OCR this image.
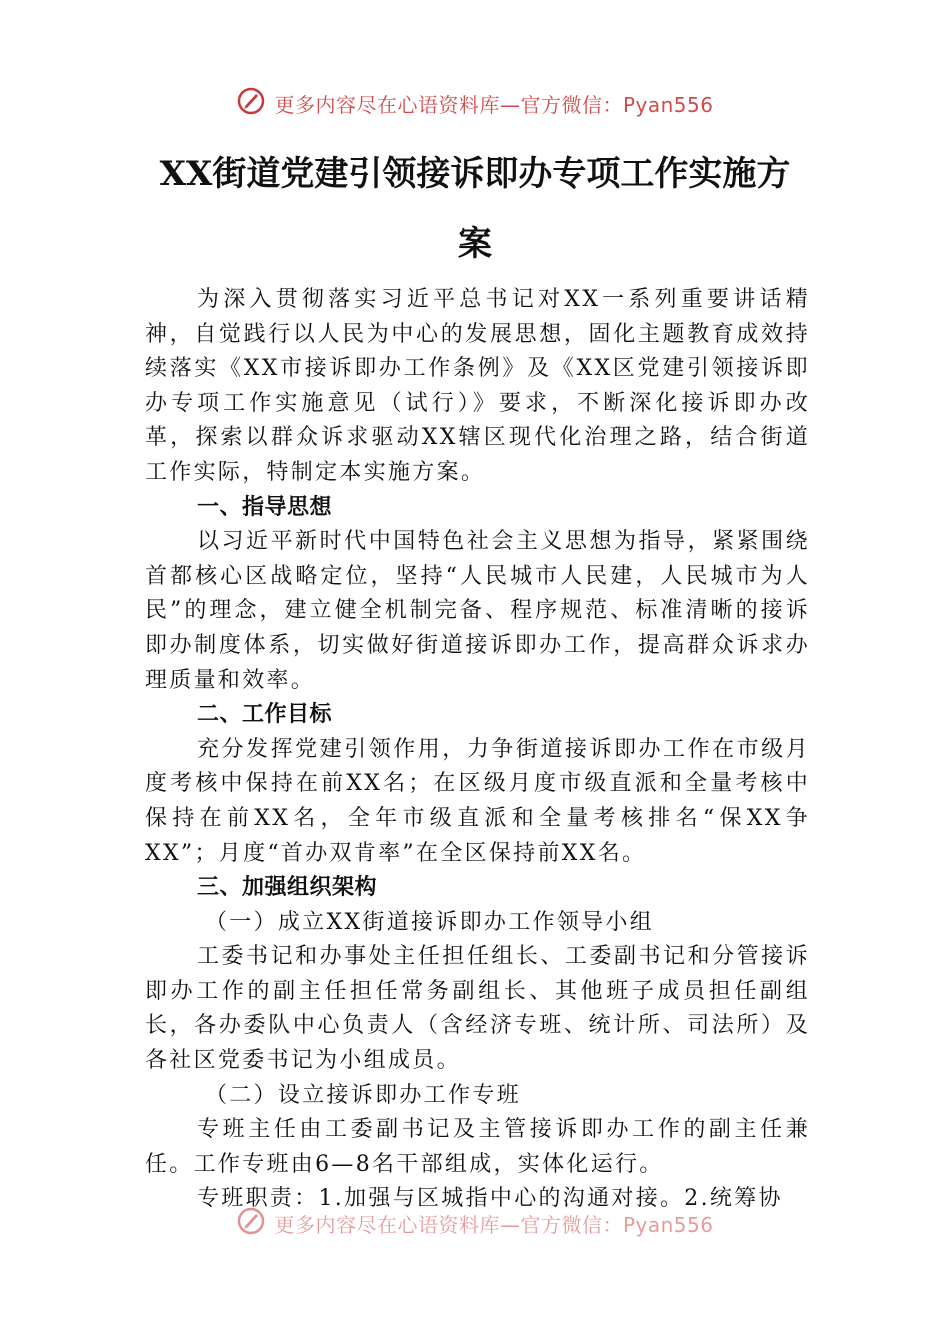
更多内容尽在心语资料库—官方微信：Pyan556
XX街道党建引领接诉即办专项工作实施方
案

为深入贯彻落实习近平总书记对XX一系列重要讲话精神，自觉践行以人民为中心的发展思想，固化主题教育成效持续落实《XX市接诉即办工作条例》及《XX区党建引领接诉即办专项工作实施意见（试行）》要求，不断深化接诉即办改革，探索以群众诉求驱动XX辖区现代化治理之路，结合街道工作实际，特制定本实施方案。

一、指导思想

以习近平新时代中国特色社会主义思想为指导，紧紧围绕首都核心区战略定位，坚持“人民城市人民建，人民城市为人民”的理念，建立健全机制完备、程序规范、标准清晰的接诉即办制度体系，切实做好街道接诉即办工作，提高群众诉求办理质量和效率。

二、工作目标

充分发挥党建引领作用，力争街道接诉即办工作在市级月度考核中保持在前XX名；在区级月度市级直派和全量考核中保持在前XX名，全年市级直派和全量考核排名“保XX争XX”；月度“首办双肯率”在全区保持前XX名。

三、加强组织架构

（一）成立XX街道接诉即办工作领导小组

工委书记和办事处主任担任组长、工委副书记和分管接诉即办工作的副主任担任常务副组长、其他班子成员担任副组长，各办委队中心负责人（含经济专班、统计所、司法所）及各社区党委书记为小组成员。

（二）设立接诉即办工作专班

专班主任由工委副书记及主管接诉即办工作的副主任兼任。工作专班由6—8名干部组成，实体化运行。

专班职责：1.加强与区城指中心的沟通对接。2.统筹协

更多内容尽在心语资料库—官方微信：Pyan556
